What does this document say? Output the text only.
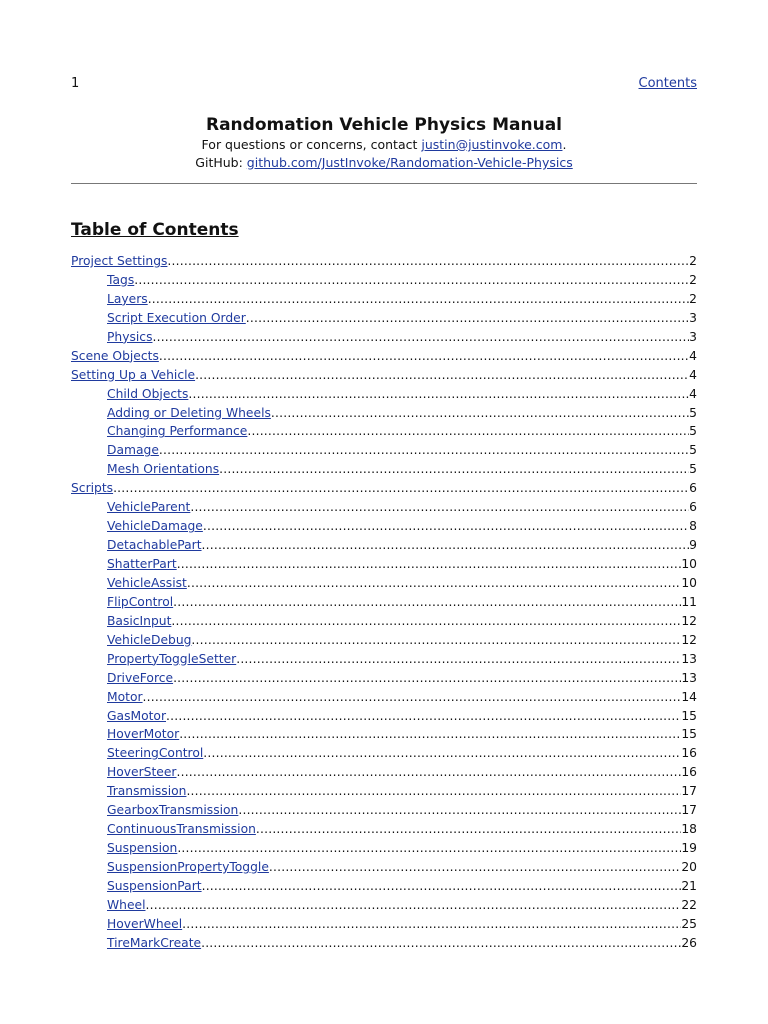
1	Contents
Randomation Vehicle Physics Manual

For questions or concerns, contact justin@justinvoke.com.

GitHub: github.com/JustInvoke/Randomation-Vehicle-Physics

Table of Contents
Project Settings .....	2
Tags .....	2
Layers .....	2
Script Execution Order .....	3
Physics .....	3
Scene Objects .....	4
Setting Up a Vehicle .....	4
Child Objects .....	4
Adding or Deleting Wheels .....	5
Changing Performance .....	5
Damage .....	5
Mesh Orientations .....	5
Scripts .....	6
VehicleParent .....	6
VehicleDamage .....	8
DetachablePart .....	9
ShatterPart .....	10
VehicleAssist .....	10
FlipControl .....	11
BasicInput .....	12
VehicleDebug .....	12
PropertyToggleSetter .....	13
DriveForce .....	13
Motor .....	14
GasMotor .....	15
HoverMotor .....	15
SteeringControl .....	16
HoverSteer .....	16
Transmission .....	17
GearboxTransmission .....	17
ContinuousTransmission .....	18
Suspension .....	19
SuspensionPropertyToggle .....	20
SuspensionPart .....	21
Wheel .....	22
HoverWheel .....	25
TireMarkCreate .....	26
